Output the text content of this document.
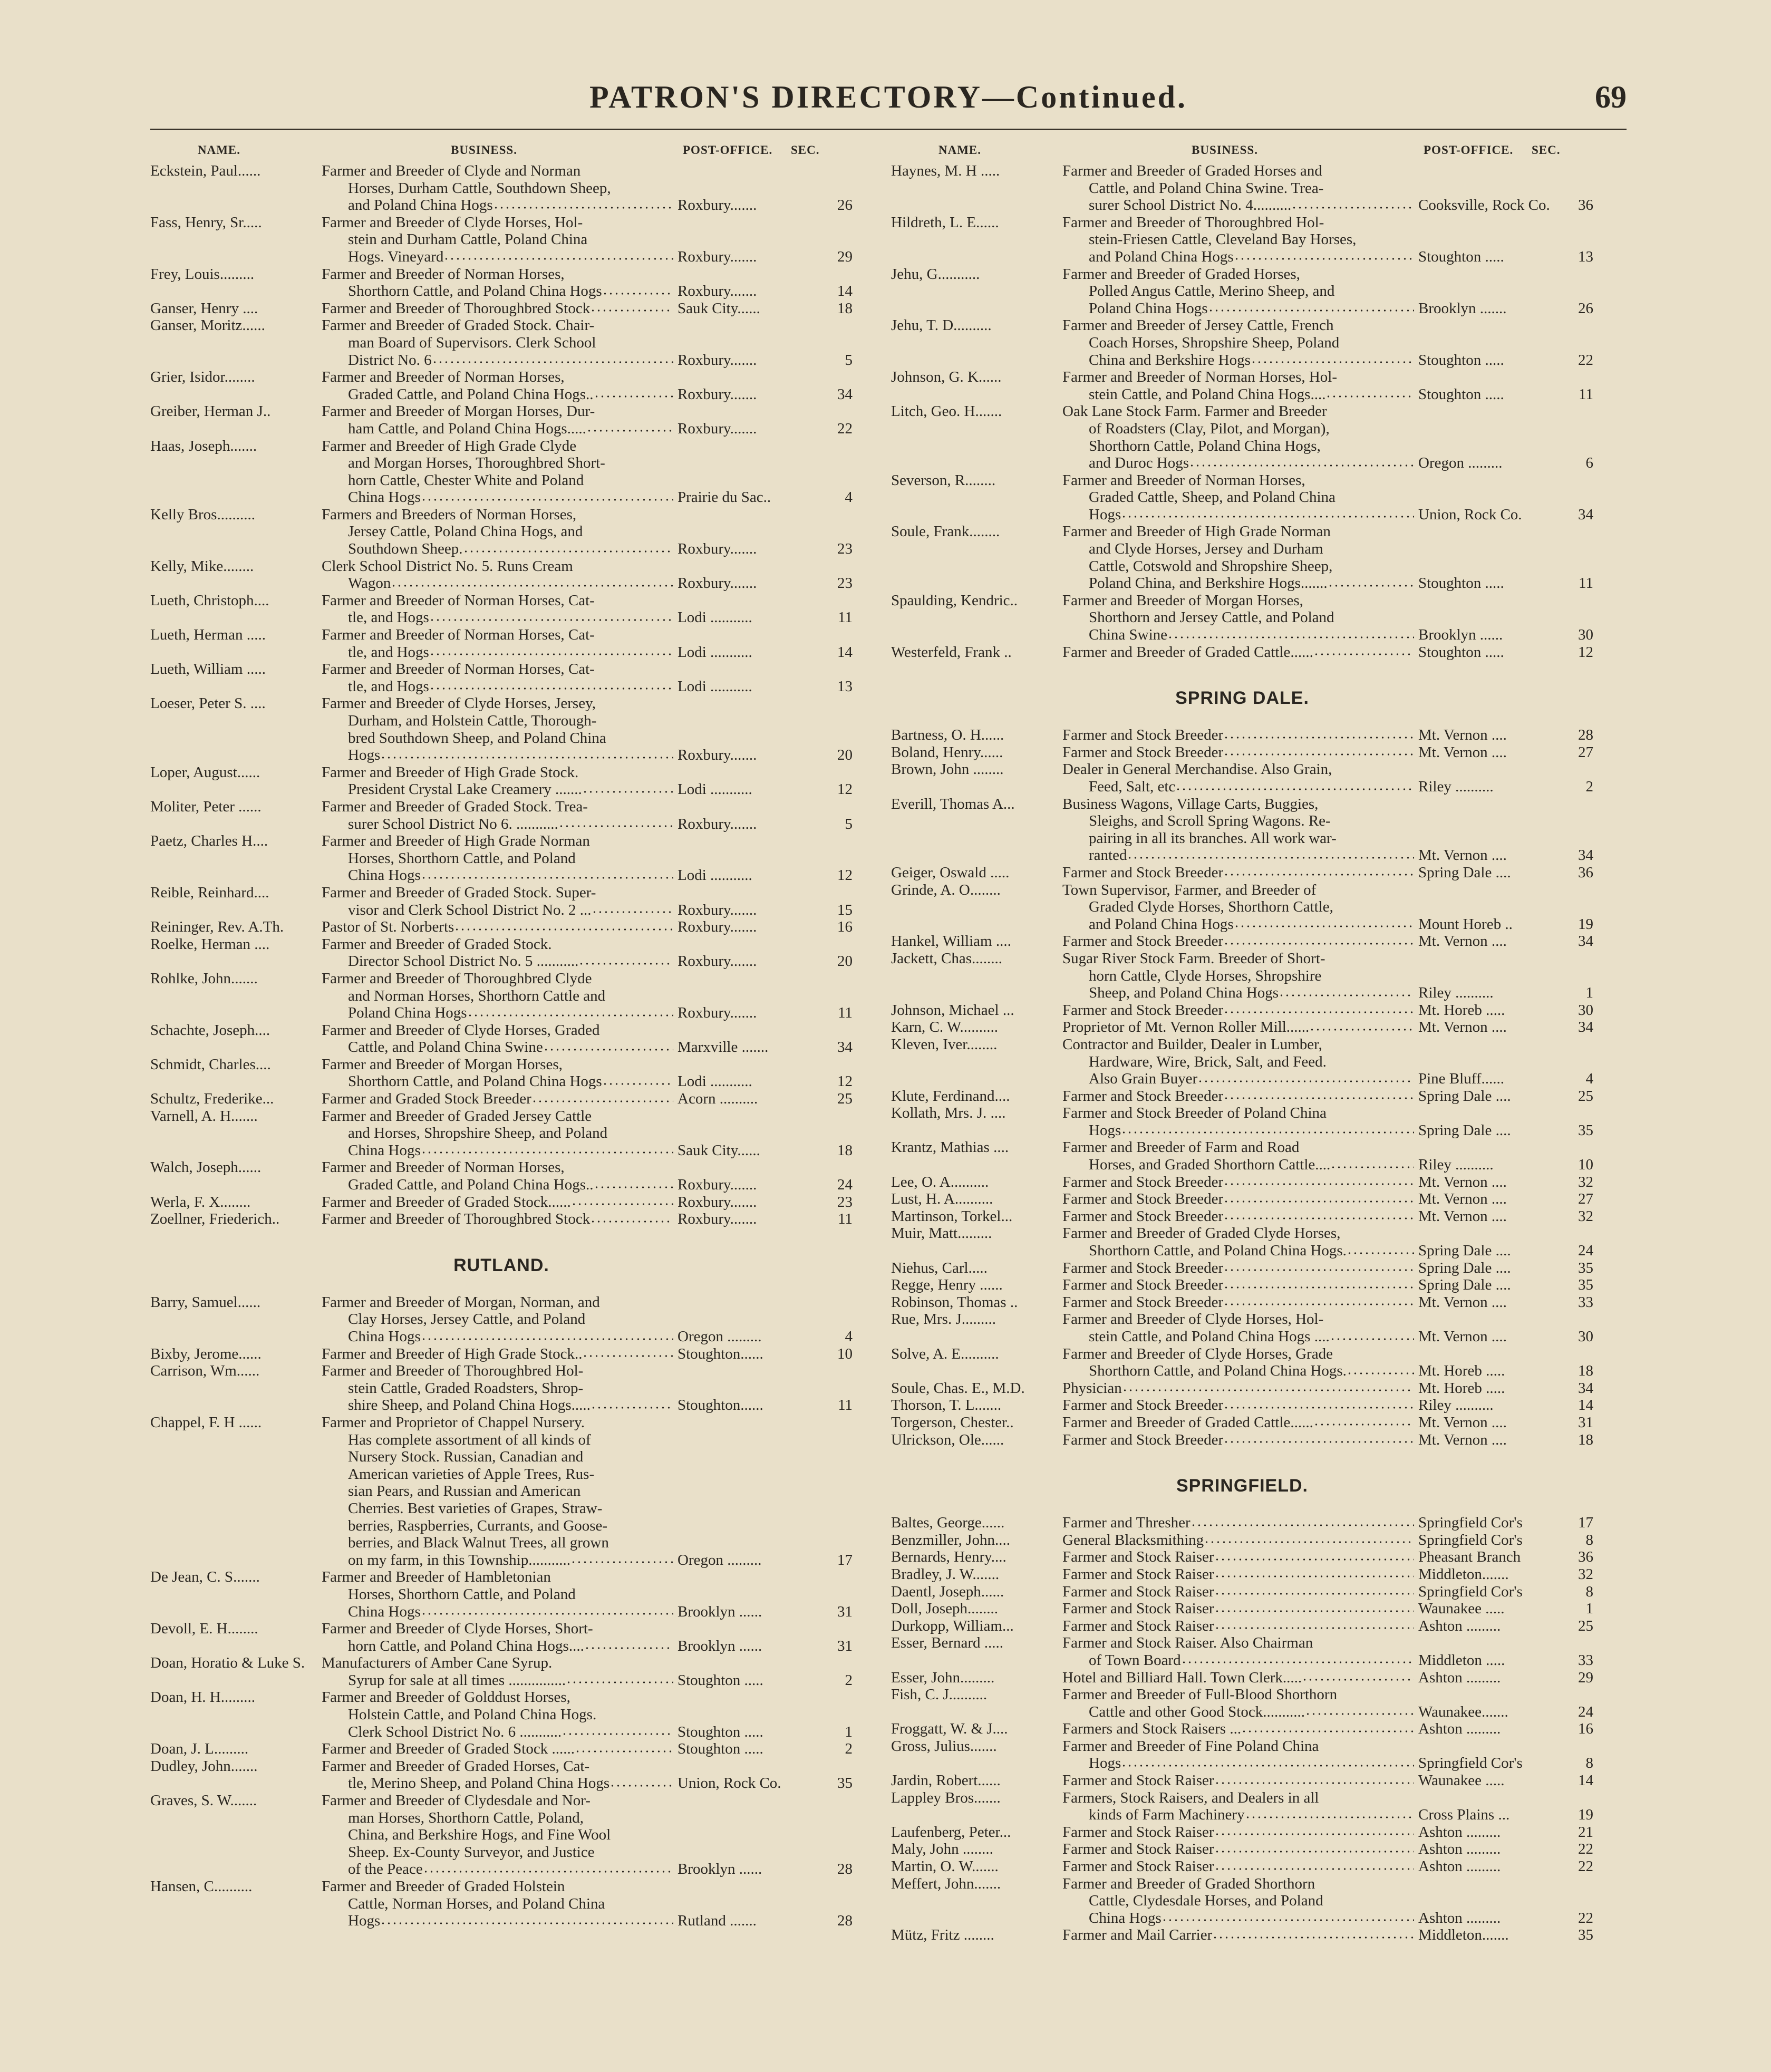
PATRON'S DIRECTORY—Continued.	69
NAME.	BUSINESS.	POST-OFFICE. SEC.
Eckstein, Paul......	Farmer and Breeder of Clyde and Norman
Horses, Durham Cattle, Southdown Sheep,
and Poland China Hogs	Roxbury.......	26
Fass, Henry, Sr.....	Farmer and Breeder of Clyde Horses, Hol-
stein and Durham Cattle, Poland China
Hogs. Vineyard	Roxbury.......	29
Frey, Louis.........	Farmer and Breeder of Norman Horses,
Shorthorn Cattle, and Poland China Hogs	Roxbury.......	14
Ganser, Henry ....	Farmer and Breeder of Thoroughbred Stock	Sauk City......	18
Ganser, Moritz......	Farmer and Breeder of Graded Stock. Chair-
man Board of Supervisors. Clerk School
District No. 6	Roxbury.......	5
Grier, Isidor........	Farmer and Breeder of Norman Horses,
Graded Cattle, and Poland China Hogs..	Roxbury.......	34
Greiber, Herman J..	Farmer and Breeder of Morgan Horses, Dur-
ham Cattle, and Poland China Hogs.....	Roxbury.......	22
Haas, Joseph.......	Farmer and Breeder of High Grade Clyde
and Morgan Horses, Thoroughbred Short-
horn Cattle, Chester White and Poland
China Hogs	Prairie du Sac..	4
Kelly Bros..........	Farmers and Breeders of Norman Horses,
Jersey Cattle, Poland China Hogs, and
Southdown Sheep.	Roxbury.......	23
Kelly, Mike........	Clerk School District No. 5. Runs Cream
Wagon	Roxbury.......	23
Lueth, Christoph....	Farmer and Breeder of Norman Horses, Cat-
tle, and Hogs	Lodi ...........	11
Lueth, Herman .....	Farmer and Breeder of Norman Horses, Cat-
tle, and Hogs	Lodi ...........	14
Lueth, William .....	Farmer and Breeder of Norman Horses, Cat-
tle, and Hogs	Lodi ...........	13
Loeser, Peter S. ....	Farmer and Breeder of Clyde Horses, Jersey,
Durham, and Holstein Cattle, Thorough-
bred Southdown Sheep, and Poland China
Hogs	Roxbury.......	20
Loper, August......	Farmer and Breeder of High Grade Stock.
President Crystal Lake Creamery .......	Lodi ...........	12
Moliter, Peter ......	Farmer and Breeder of Graded Stock. Trea-
surer School District No 6. ...........	Roxbury.......	5
Paetz, Charles H....	Farmer and Breeder of High Grade Norman
Horses, Shorthorn Cattle, and Poland
China Hogs	Lodi ...........	12
Reible, Reinhard....	Farmer and Breeder of Graded Stock. Super-
visor and Clerk School District No. 2 ...	Roxbury.......	15
Reininger, Rev. A.Th.	Pastor of St. Norberts	Roxbury.......	16
Roelke, Herman ....	Farmer and Breeder of Graded Stock.
Director School District No. 5 ...........	Roxbury.......	20
Rohlke, John.......	Farmer and Breeder of Thoroughbred Clyde
and Norman Horses, Shorthorn Cattle and
Poland China Hogs	Roxbury.......	11
Schachte, Joseph....	Farmer and Breeder of Clyde Horses, Graded
Cattle, and Poland China Swine	Marxville .......	34
Schmidt, Charles....	Farmer and Breeder of Morgan Horses,
Shorthorn Cattle, and Poland China Hogs	Lodi ...........	12
Schultz, Frederike...	Farmer and Graded Stock Breeder	Acorn ..........	25
Varnell, A. H.......	Farmer and Breeder of Graded Jersey Cattle
and Horses, Shropshire Sheep, and Poland
China Hogs	Sauk City......	18
Walch, Joseph......	Farmer and Breeder of Norman Horses,
Graded Cattle, and Poland China Hogs..	Roxbury.......	24
Werla, F. X........	Farmer and Breeder of Graded Stock......	Roxbury.......	23
Zoellner, Friederich..	Farmer and Breeder of Thoroughbred Stock	Roxbury.......	11
RUTLAND.
Barry, Samuel......	Farmer and Breeder of Morgan, Norman, and
Clay Horses, Jersey Cattle, and Poland
China Hogs	Oregon .........	4
Bixby, Jerome......	Farmer and Breeder of High Grade Stock..	Stoughton......	10
Carrison, Wm......	Farmer and Breeder of Thoroughbred Hol-
stein Cattle, Graded Roadsters, Shrop-
shire Sheep, and Poland China Hogs.....	Stoughton......	11
Chappel, F. H ......	Farmer and Proprietor of Chappel Nursery.
Has complete assortment of all kinds of
Nursery Stock. Russian, Canadian and
American varieties of Apple Trees, Rus-
sian Pears, and Russian and American
Cherries. Best varieties of Grapes, Straw-
berries, Raspberries, Currants, and Goose-
berries, and Black Walnut Trees, all grown
on my farm, in this Township...........	Oregon .........	17
De Jean, C. S.......	Farmer and Breeder of Hambletonian
Horses, Shorthorn Cattle, and Poland
China Hogs	Brooklyn ......	31
Devoll, E. H........	Farmer and Breeder of Clyde Horses, Short-
horn Cattle, and Poland China Hogs....	Brooklyn ......	31
Doan, Horatio & Luke S.	Manufacturers of Amber Cane Syrup.
Syrup for sale at all times ...............	Stoughton .....	2
Doan, H. H.........	Farmer and Breeder of Golddust Horses,
Holstein Cattle, and Poland China Hogs.
Clerk School District No. 6 ...........	Stoughton .....	1
Doan, J. L.........	Farmer and Breeder of Graded Stock ......	Stoughton .....	2
Dudley, John.......	Farmer and Breeder of Graded Horses, Cat-
tle, Merino Sheep, and Poland China Hogs	Union, Rock Co.	35
Graves, S. W.......	Farmer and Breeder of Clydesdale and Nor-
man Horses, Shorthorn Cattle, Poland,
China, and Berkshire Hogs, and Fine Wool
Sheep. Ex-County Surveyor, and Justice
of the Peace	Brooklyn ......	28
Hansen, C..........	Farmer and Breeder of Graded Holstein
Cattle, Norman Horses, and Poland China
Hogs	Rutland .......	28
NAME.	BUSINESS.	POST-OFFICE. SEC.
Haynes, M. H .....	Farmer and Breeder of Graded Horses and
Cattle, and Poland China Swine. Trea-
surer School District No. 4..........	Cooksville, Rock Co.	36
Hildreth, L. E......	Farmer and Breeder of Thoroughbred Hol-
stein-Friesen Cattle, Cleveland Bay Horses,
and Poland China Hogs	Stoughton .....	13
Jehu, G...........	Farmer and Breeder of Graded Horses,
Polled Angus Cattle, Merino Sheep, and
Poland China Hogs	Brooklyn .......	26
Jehu, T. D..........	Farmer and Breeder of Jersey Cattle, French
Coach Horses, Shropshire Sheep, Poland
China and Berkshire Hogs	Stoughton .....	22
Johnson, G. K......	Farmer and Breeder of Norman Horses, Hol-
stein Cattle, and Poland China Hogs....	Stoughton .....	11
Litch, Geo. H.......	Oak Lane Stock Farm. Farmer and Breeder
of Roadsters (Clay, Pilot, and Morgan),
Shorthorn Cattle, Poland China Hogs,
and Duroc Hogs	Oregon .........	6
Severson, R........	Farmer and Breeder of Norman Horses,
Graded Cattle, Sheep, and Poland China
Hogs	Union, Rock Co.	34
Soule, Frank........	Farmer and Breeder of High Grade Norman
and Clyde Horses, Jersey and Durham
Cattle, Cotswold and Shropshire Sheep,
Poland China, and Berkshire Hogs.......	Stoughton .....	11
Spaulding, Kendric..	Farmer and Breeder of Morgan Horses,
Shorthorn and Jersey Cattle, and Poland
China Swine	Brooklyn ......	30
Westerfeld, Frank ..	Farmer and Breeder of Graded Cattle......	Stoughton .....	12
SPRING DALE.
Bartness, O. H......	Farmer and Stock Breeder	Mt. Vernon ....	28
Boland, Henry......	Farmer and Stock Breeder	Mt. Vernon ....	27
Brown, John ........	Dealer in General Merchandise. Also Grain,
Feed, Salt, etc	Riley ..........	2
Everill, Thomas A...	Business Wagons, Village Carts, Buggies,
Sleighs, and Scroll Spring Wagons. Re-
pairing in all its branches. All work war-
ranted	Mt. Vernon ....	34
Geiger, Oswald .....	Farmer and Stock Breeder	Spring Dale ....	36
Grinde, A. O........	Town Supervisor, Farmer, and Breeder of
Graded Clyde Horses, Shorthorn Cattle,
and Poland China Hogs	Mount Horeb ..	19
Hankel, William ....	Farmer and Stock Breeder	Mt. Vernon ....	34
Jackett, Chas........	Sugar River Stock Farm. Breeder of Short-
horn Cattle, Clyde Horses, Shropshire
Sheep, and Poland China Hogs	Riley ..........	1
Johnson, Michael ...	Farmer and Stock Breeder	Mt. Horeb .....	30
Karn, C. W..........	Proprietor of Mt. Vernon Roller Mill......	Mt. Vernon ....	34
Kleven, Iver........	Contractor and Builder, Dealer in Lumber,
Hardware, Wire, Brick, Salt, and Feed.
Also Grain Buyer	Pine Bluff......	4
Klute, Ferdinand....	Farmer and Stock Breeder	Spring Dale ....	25
Kollath, Mrs. J. ....	Farmer and Stock Breeder of Poland China
Hogs	Spring Dale ....	35
Krantz, Mathias ....	Farmer and Breeder of Farm and Road
Horses, and Graded Shorthorn Cattle....	Riley ..........	10
Lee, O. A..........	Farmer and Stock Breeder	Mt. Vernon ....	32
Lust, H. A..........	Farmer and Stock Breeder	Mt. Vernon ....	27
Martinson, Torkel...	Farmer and Stock Breeder	Mt. Vernon ....	32
Muir, Matt.........	Farmer and Breeder of Graded Clyde Horses,
Shorthorn Cattle, and Poland China Hogs.	Spring Dale ....	24
Niehus, Carl.....	Farmer and Stock Breeder	Spring Dale ....	35
Regge, Henry ......	Farmer and Stock Breeder	Spring Dale ....	35
Robinson, Thomas ..	Farmer and Stock Breeder	Mt. Vernon ....	33
Rue, Mrs. J.........	Farmer and Breeder of Clyde Horses, Hol-
stein Cattle, and Poland China Hogs ....	Mt. Vernon ....	30
Solve, A. E..........	Farmer and Breeder of Clyde Horses, Grade
Shorthorn Cattle, and Poland China Hogs.	Mt. Horeb .....	18
Soule, Chas. E., M.D.	Physician	Mt. Horeb .....	34
Thorson, T. L.......	Farmer and Stock Breeder	Riley ..........	14
Torgerson, Chester..	Farmer and Breeder of Graded Cattle......	Mt. Vernon ....	31
Ulrickson, Ole......	Farmer and Stock Breeder	Mt. Vernon ....	18
SPRINGFIELD.
Baltes, George......	Farmer and Thresher	Springfield Cor's	17
Benzmiller, John....	General Blacksmithing	Springfield Cor's	8
Bernards, Henry....	Farmer and Stock Raiser	Pheasant Branch	36
Bradley, J. W.......	Farmer and Stock Raiser	Middleton.......	32
Daentl, Joseph......	Farmer and Stock Raiser	Springfield Cor's	8
Doll, Joseph........	Farmer and Stock Raiser	Waunakee .....	1
Durkopp, William...	Farmer and Stock Raiser	Ashton .........	25
Esser, Bernard .....	Farmer and Stock Raiser. Also Chairman
of Town Board	Middleton .....	33
Esser, John.........	Hotel and Billiard Hall. Town Clerk.....	Ashton .........	29
Fish, C. J..........	Farmer and Breeder of Full-Blood Shorthorn
Cattle and other Good Stock...........	Waunakee.......	24
Froggatt, W. & J....	Farmers and Stock Raisers ...	Ashton .........	16
Gross, Julius.......	Farmer and Breeder of Fine Poland China
Hogs	Springfield Cor's	8
Jardin, Robert......	Farmer and Stock Raiser	Waunakee .....	14
Lappley Bros.......	Farmers, Stock Raisers, and Dealers in all
kinds of Farm Machinery	Cross Plains ...	19
Laufenberg, Peter...	Farmer and Stock Raiser	Ashton .........	21
Maly, John ........	Farmer and Stock Raiser	Ashton .........	22
Martin, O. W.......	Farmer and Stock Raiser	Ashton .........	22
Meffert, John.......	Farmer and Breeder of Graded Shorthorn
Cattle, Clydesdale Horses, and Poland
China Hogs	Ashton .........	22
Mütz, Fritz ........	Farmer and Mail Carrier	Middleton.......	35
